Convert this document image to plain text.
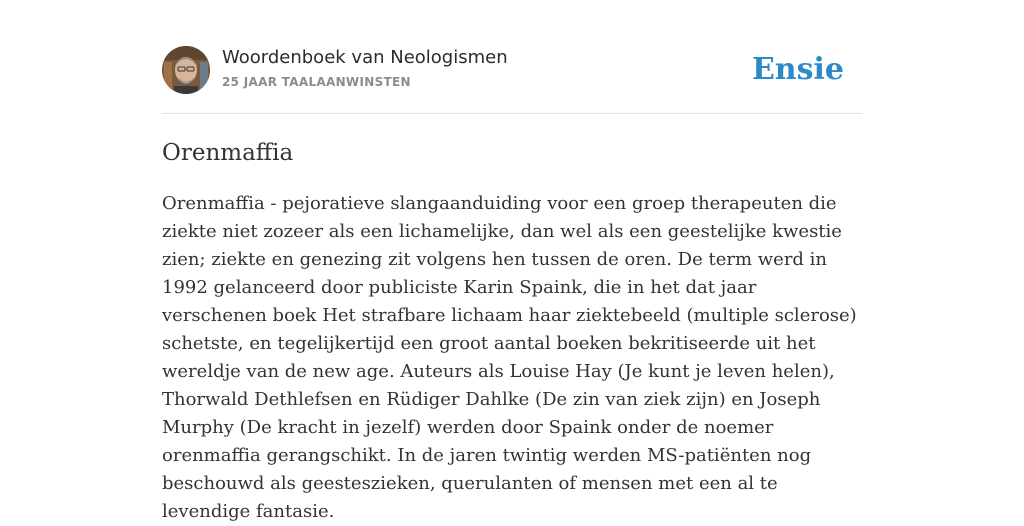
Woordenboek van Neologismen
25 JAAR TAALAANWINSTEN	Ensie
Orenmaffia

Orenmaffia - pejoratieve slangaanduiding voor een groep therapeuten die ziekte niet zozeer als een lichamelijke, dan wel als een geestelijke kwestie zien; ziekte en genezing zit volgens hen tussen de oren. De term werd in 1992 gelanceerd door publiciste Karin Spaink, die in het dat jaar verschenen boek Het strafbare lichaam haar ziektebeeld (multiple sclerose) schetste, en tegelijkertijd een groot aantal boeken bekritiseerde uit het wereldje van de new age. Auteurs als Louise Hay (Je kunt je leven helen), Thorwald Dethlefsen en Rüdiger Dahlke (De zin van ziek zijn) en Joseph Murphy (De kracht in jezelf) werden door Spaink onder de noemer orenmaffia gerangschikt. In de jaren twintig werden MS-patiënten nog beschouwd als geesteszieken, querulanten of mensen met een al te levendige fantasie.
